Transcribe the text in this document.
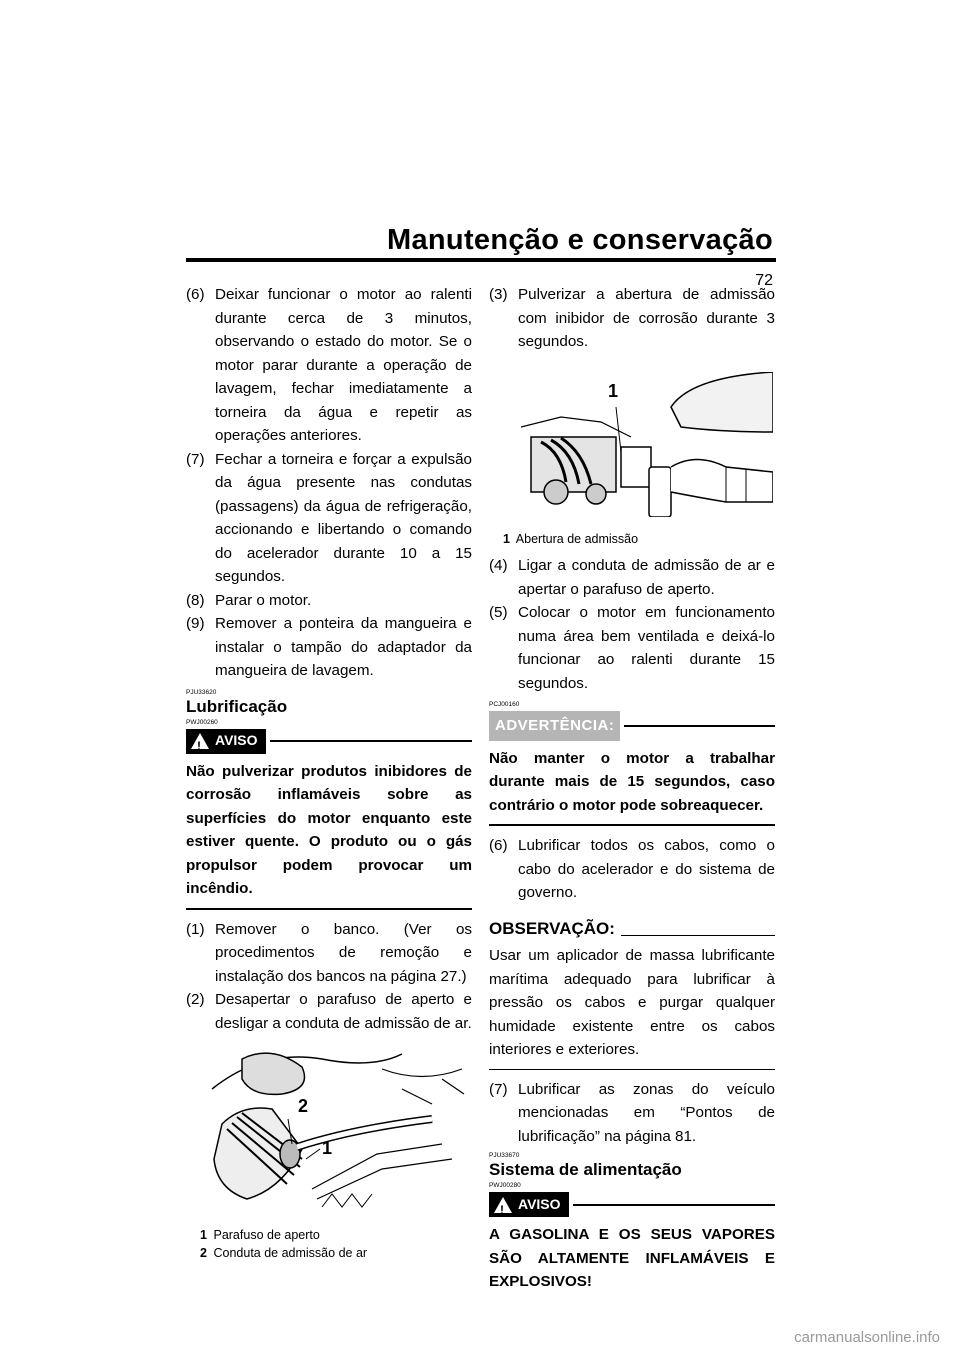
Manutenção e conservação
72
(6) Deixar funcionar o motor ao ralenti durante cerca de 3 minutos, observando o estado do motor. Se o motor parar durante a operação de lavagem, fechar imediatamente a torneira da água e repetir as operações anteriores.
(7) Fechar a torneira e forçar a expulsão da água presente nas condutas (passagens) da água de refrigeração, accionando e libertando o comando do acelerador durante 10 a 15 segundos.
(8) Parar o motor.
(9) Remover a ponteira da mangueira e instalar o tampão do adaptador da mangueira de lavagem.
PJU33620
Lubrificação
PWJ00260
!
AVISO
Não pulverizar produtos inibidores de corrosão inflamáveis sobre as superfícies do motor enquanto este estiver quente. O produto ou o gás propulsor podem provocar um incêndio.
(1) Remover o banco. (Ver os procedimentos de remoção e instalação dos bancos na página 27.)
(2) Desapertar o parafuso de aperto e desligar a conduta de admissão de ar.
2
1
1 Parafuso de aperto
2 Conduta de admissão de ar
(3) Pulverizar a abertura de admissão com inibidor de corrosão durante 3 segundos.
1
1 Abertura de admissão
(4) Ligar a conduta de admissão de ar e apertar o parafuso de aperto.
(5) Colocar o motor em funcionamento numa área bem ventilada e deixá-lo funcionar ao ralenti durante 15 segundos.
PCJ00160
ADVERTÊNCIA:
Não manter o motor a trabalhar durante mais de 15 segundos, caso contrário o motor pode sobreaquecer.
(6) Lubrificar todos os cabos, como o cabo do acelerador e do sistema de governo.
OBSERVAÇÃO:
Usar um aplicador de massa lubrificante marítima adequado para lubrificar à pressão os cabos e purgar qualquer humidade existente entre os cabos interiores e exteriores.
(7) Lubrificar as zonas do veículo mencionadas em “Pontos de lubrificação” na página 81.
PJU33670
Sistema de alimentação
PWJ00280
!
AVISO
A GASOLINA E OS SEUS VAPORES SÃO ALTAMENTE INFLAMÁVEIS E EXPLOSIVOS!
carmanualsonline.info
